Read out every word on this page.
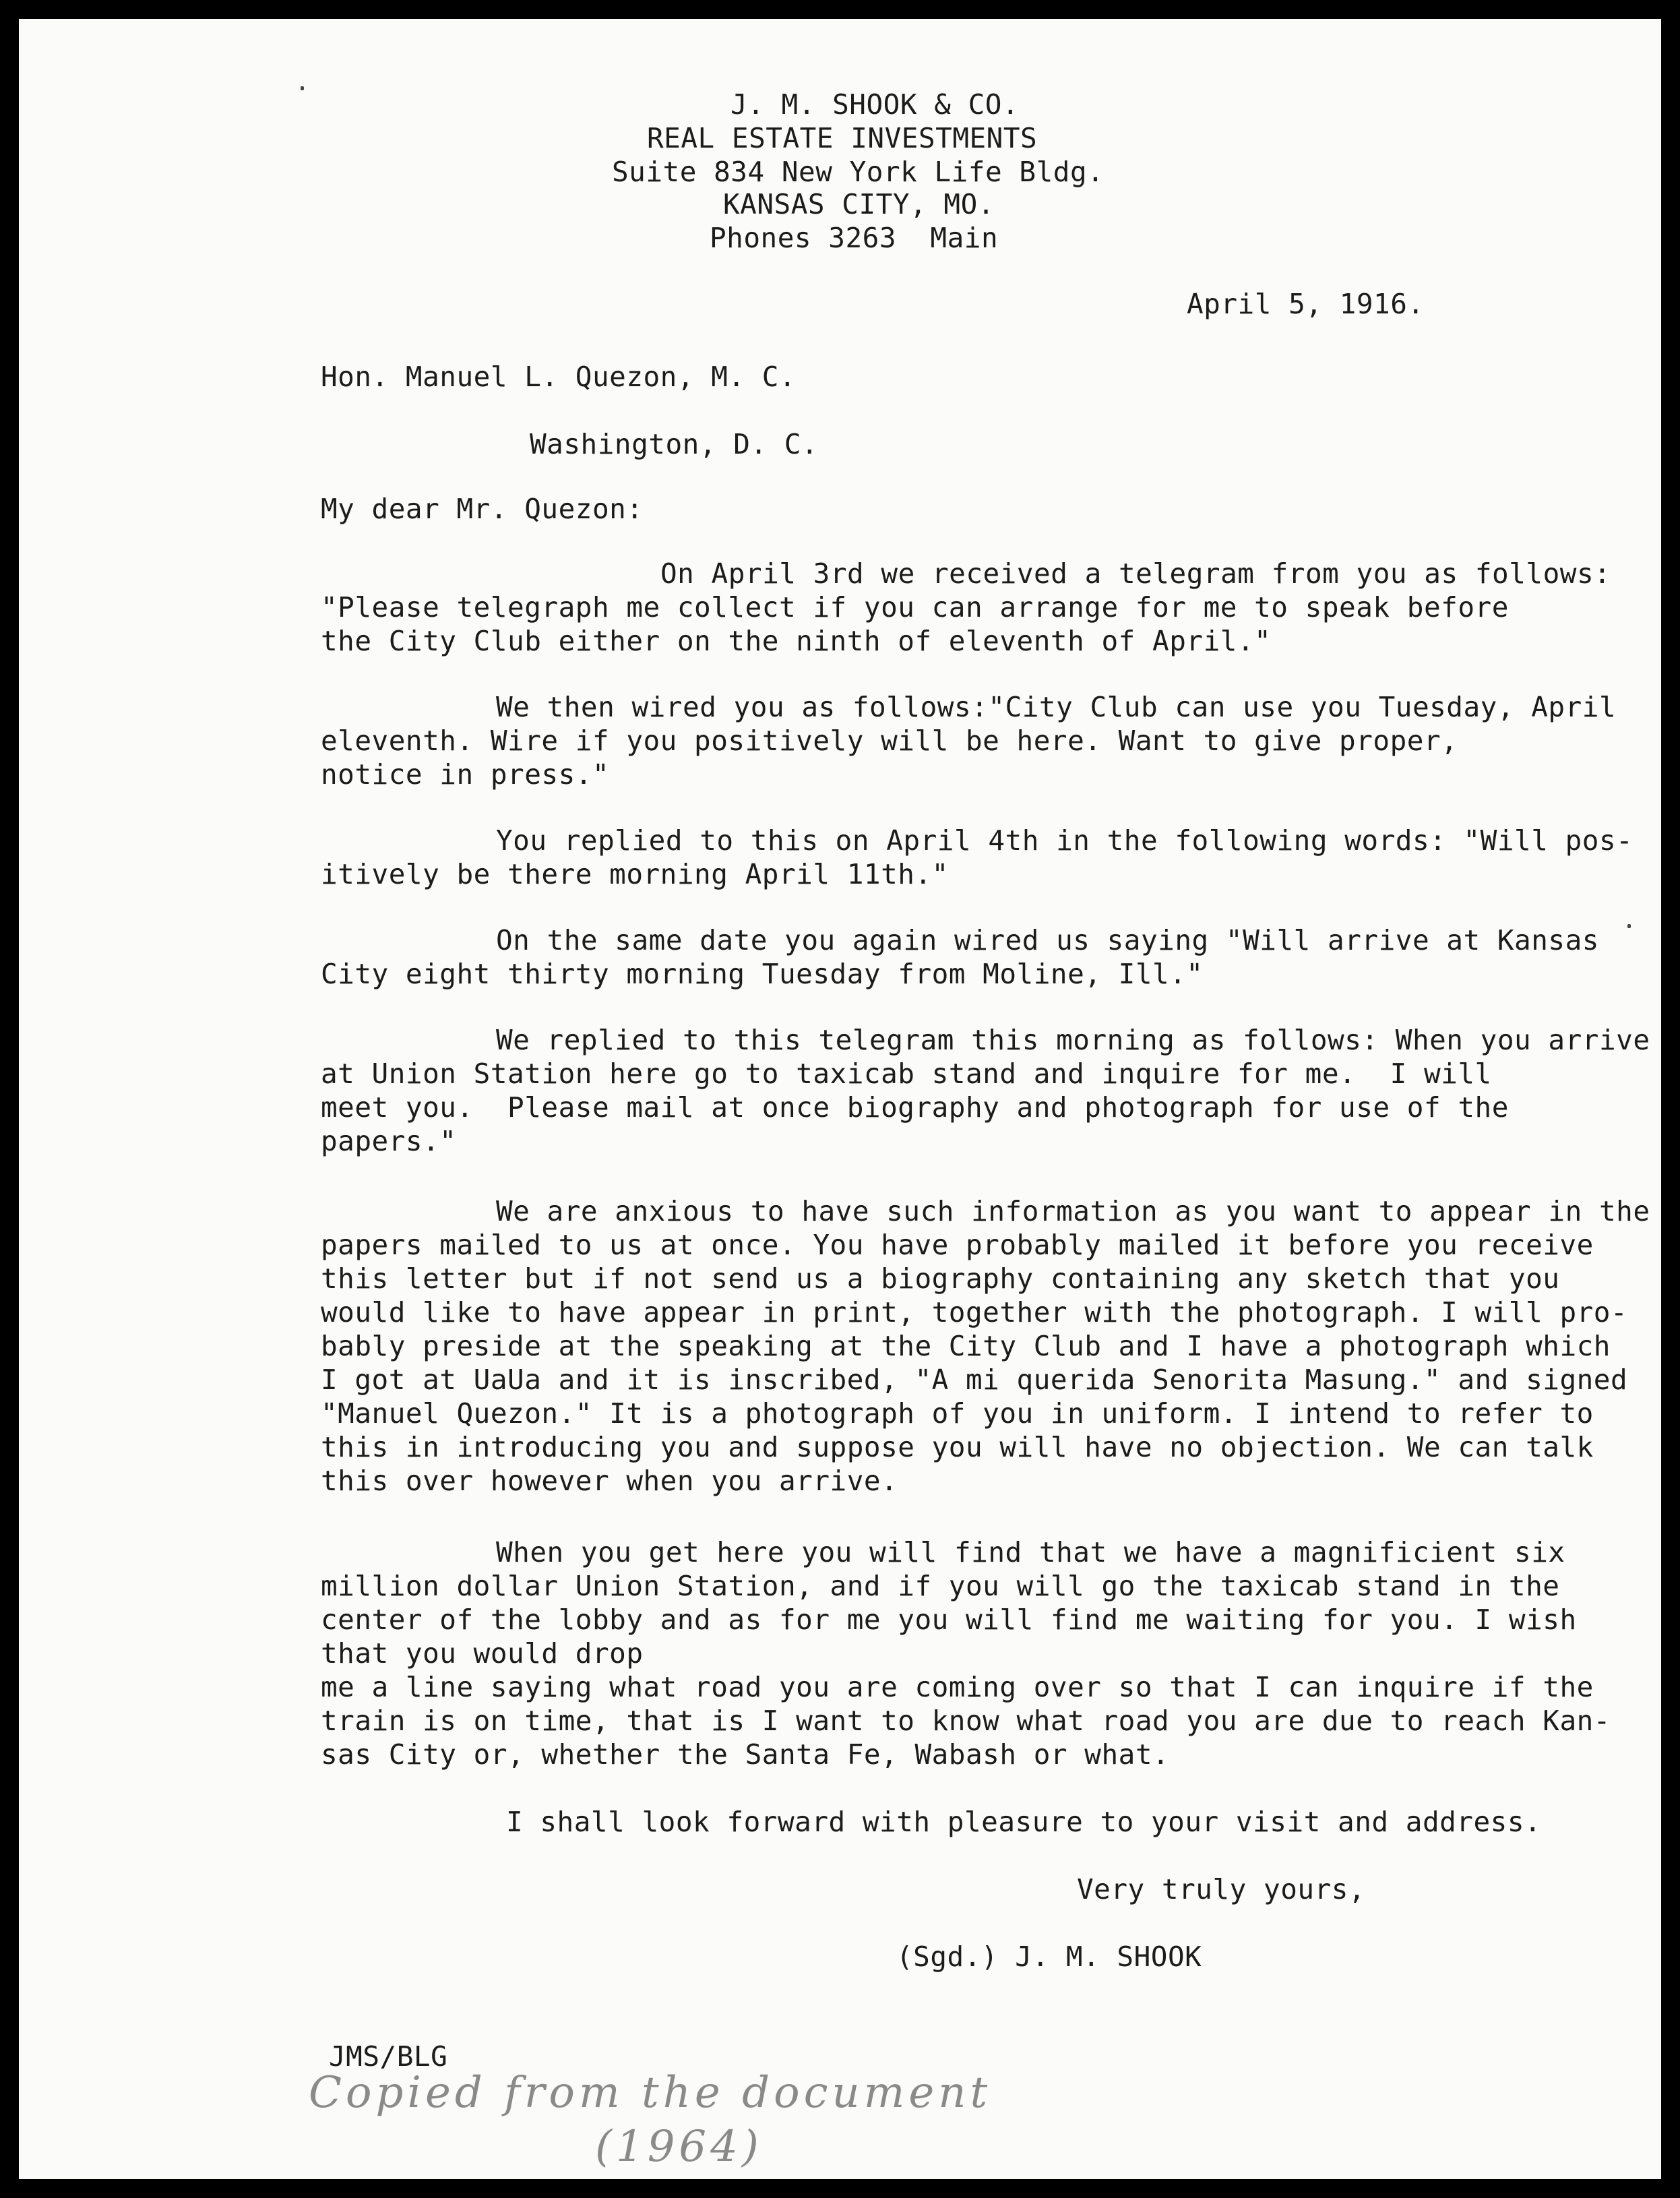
J. M. SHOOK & CO.
REAL ESTATE INVESTMENTS
Suite 834 New York Life Bldg.
KANSAS CITY, MO.
Phones 3263  Main
April 5, 1916.
Hon. Manuel L. Quezon, M. C.
Washington, D. C.
My dear Mr. Quezon:
On April 3rd we received a telegram from you as follows:
"Please telegraph me collect if you can arrange for me to speak before
the City Club either on the ninth of eleventh of April."
We then wired you as follows:"City Club can use you Tuesday, April
eleventh. Wire if you positively will be here. Want to give proper,
notice in press."
You replied to this on April 4th in the following words: "Will pos-
itively be there morning April 11th."
On the same date you again wired us saying "Will arrive at Kansas
City eight thirty morning Tuesday from Moline, Ill."
We replied to this telegram this morning as follows: When you arrive
at Union Station here go to taxicab stand and inquire for me.  I will
meet you.  Please mail at once biography and photograph for use of the
papers."
We are anxious to have such information as you want to appear in the
papers mailed to us at once. You have probably mailed it before you receive
this letter but if not send us a biography containing any sketch that you
would like to have appear in print, together with the photograph. I will pro-
bably preside at the speaking at the City Club and I have a photograph which
I got at UaUa and it is inscribed, "A mi querida Senorita Masung." and signed
"Manuel Quezon." It is a photograph of you in uniform. I intend to refer to
this in introducing you and suppose you will have no objection. We can talk
this over however when you arrive.
When you get here you will find that we have a magnificient six
million dollar Union Station, and if you will go the taxicab stand in the
center of the lobby and as for me you will find me waiting for you. I wish
that you would drop
me a line saying what road you are coming over so that I can inquire if the
train is on time, that is I want to know what road you are due to reach Kan-
sas City or, whether the Santa Fe, Wabash or what.
I shall look forward with pleasure to your visit and address.
Very truly yours,
(Sgd.) J. M. SHOOK
JMS/BLG
Copied from the document
(1964)
